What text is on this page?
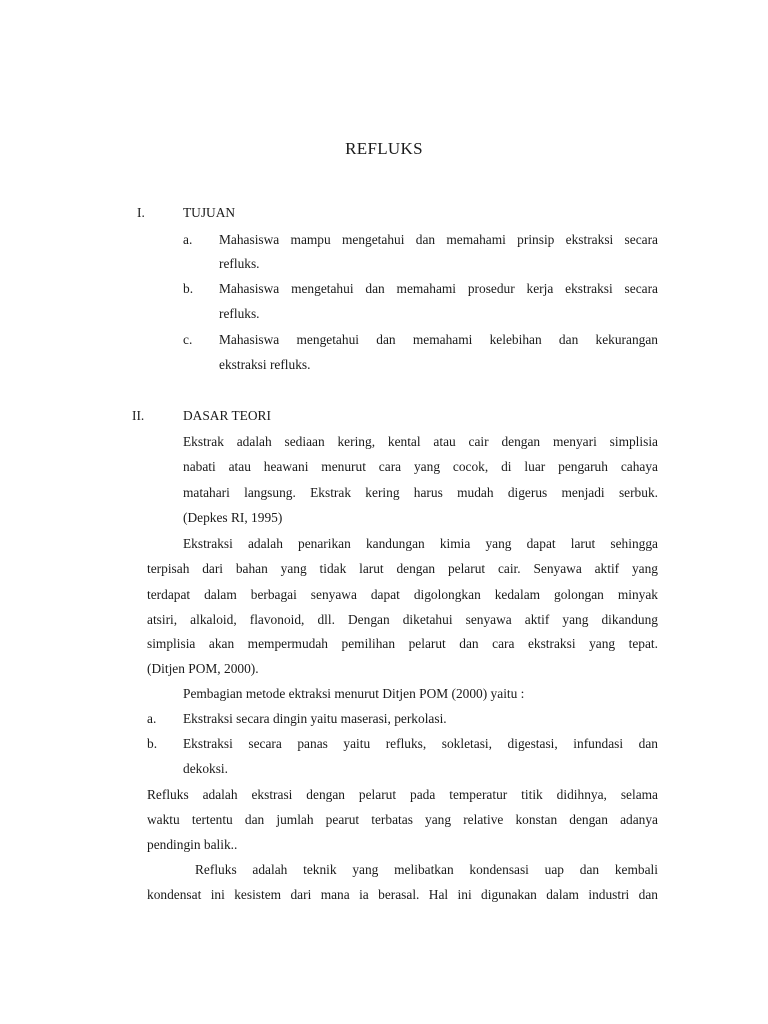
REFLUKS
I.	TUJUAN
a. Mahasiswa mampu mengetahui dan memahami prinsip ekstraksi secara
refluks.
b. Mahasiswa mengetahui dan memahami prosedur kerja ekstraksi secara
refluks.
c. Mahasiswa mengetahui dan memahami kelebihan dan kekurangan
ekstraksi refluks.
II.	DASAR TEORI
Ekstrak adalah sediaan kering, kental atau cair dengan menyari simplisia
nabati atau heawani menurut cara yang cocok, di luar pengaruh cahaya
matahari langsung. Ekstrak kering harus mudah digerus menjadi serbuk.
(Depkes RI, 1995)
Ekstraksi adalah penarikan kandungan kimia yang dapat larut sehingga
terpisah dari bahan yang tidak larut dengan pelarut cair. Senyawa aktif yang
terdapat dalam berbagai senyawa dapat digolongkan kedalam golongan minyak
atsiri, alkaloid, flavonoid, dll. Dengan diketahui senyawa aktif yang dikandung
simplisia akan mempermudah pemilihan pelarut dan cara ekstraksi yang tepat.
(Ditjen POM, 2000).
Pembagian metode ektraksi menurut Ditjen POM (2000) yaitu :
a. Ekstraksi secara dingin yaitu maserasi, perkolasi.
b. Ekstraksi secara panas yaitu refluks, sokletasi, digestasi, infundasi dan
dekoksi.
Refluks adalah ekstrasi dengan pelarut pada temperatur titik didihnya, selama
waktu tertentu dan jumlah pearut terbatas yang relative konstan dengan adanya
pendingin balik..
Refluks adalah teknik yang melibatkan kondensasi uap dan kembali
kondensat ini kesistem dari mana ia berasal. Hal ini digunakan dalam industri dan
